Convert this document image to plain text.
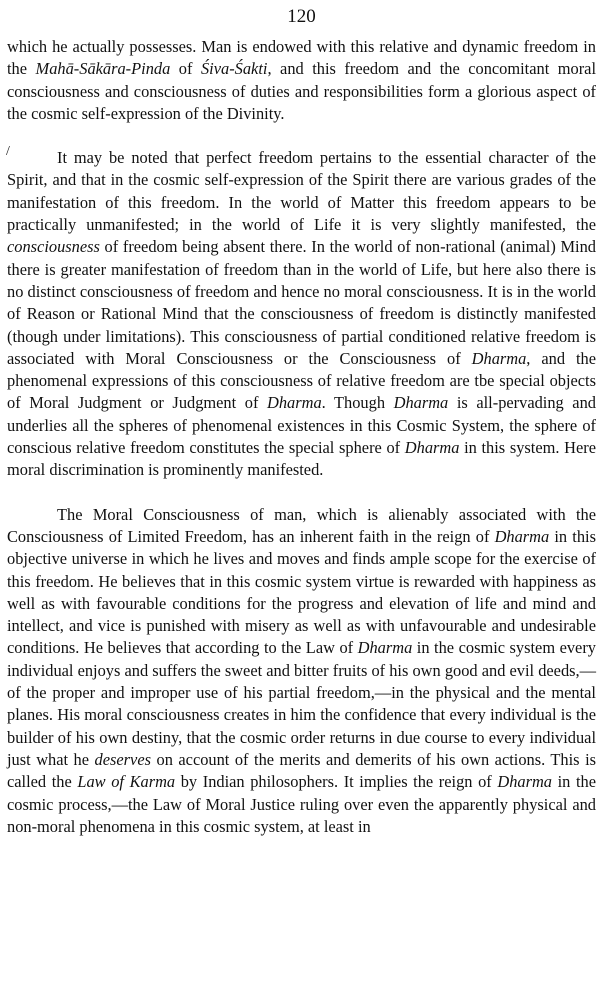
120

which he actually possesses. Man is endowed with this relative and dynamic freedom in the Mahā-Sākāra-Pinda of Śiva-Śakti, and this freedom and the concomitant moral consciousness and consciousness of duties and responsibilities form a glorious aspect of the cosmic self-expression of the Divinity.

It may be noted that perfect freedom pertains to the essential character of the Spirit, and that in the cosmic self-expression of the Spirit there are various grades of the manifestation of this freedom. In the world of Matter this freedom appears to be practically unmanifested; in the world of Life it is very slightly manifested, the consciousness of freedom being absent there. In the world of non-rational (animal) Mind there is greater manifestation of freedom than in the world of Life, but here also there is no distinct consciousness of freedom and hence no moral consciousness. It is in the world of Reason or Rational Mind that the consciousness of freedom is distinctly manifested (though under limitations). This consciousness of partial conditioned relative freedom is associated with Moral Consciousness or the Consciousness of Dharma, and the phenomenal expressions of this consciousness of relative freedom are tbe special objects of Moral Judgment or Judgment of Dharma. Though Dharma is all-pervading and underlies all the spheres of phenomenal existences in this Cosmic System, the sphere of conscious relative freedom constitutes the special sphere of Dharma in this system. Here moral discrimination is prominently manifested.

The Moral Consciousness of man, which is alienably associated with the Consciousness of Limited Freedom, has an inherent faith in the reign of Dharma in this objective universe in which he lives and moves and finds ample scope for the exercise of this freedom. He believes that in this cosmic system virtue is rewarded with happiness as well as with favourable conditions for the progress and elevation of life and mind and intellect, and vice is punished with misery as well as with unfavourable and undesirable conditions. He believes that according to the Law of Dharma in the cosmic system every individual enjoys and suffers the sweet and bitter fruits of his own good and evil deeds,—of the proper and improper use of his partial freedom,—in the physical and the mental planes. His moral consciousness creates in him the confidence that every individual is the builder of his own destiny, that the cosmic order returns in due course to every individual just what he deserves on account of the merits and demerits of his own actions. This is called the Law of Karma by Indian philosophers. It implies the reign of Dharma in the cosmic process,—the Law of Moral Justice ruling over even the apparently physical and non-moral phenomena in this cosmic system, at least in

/
